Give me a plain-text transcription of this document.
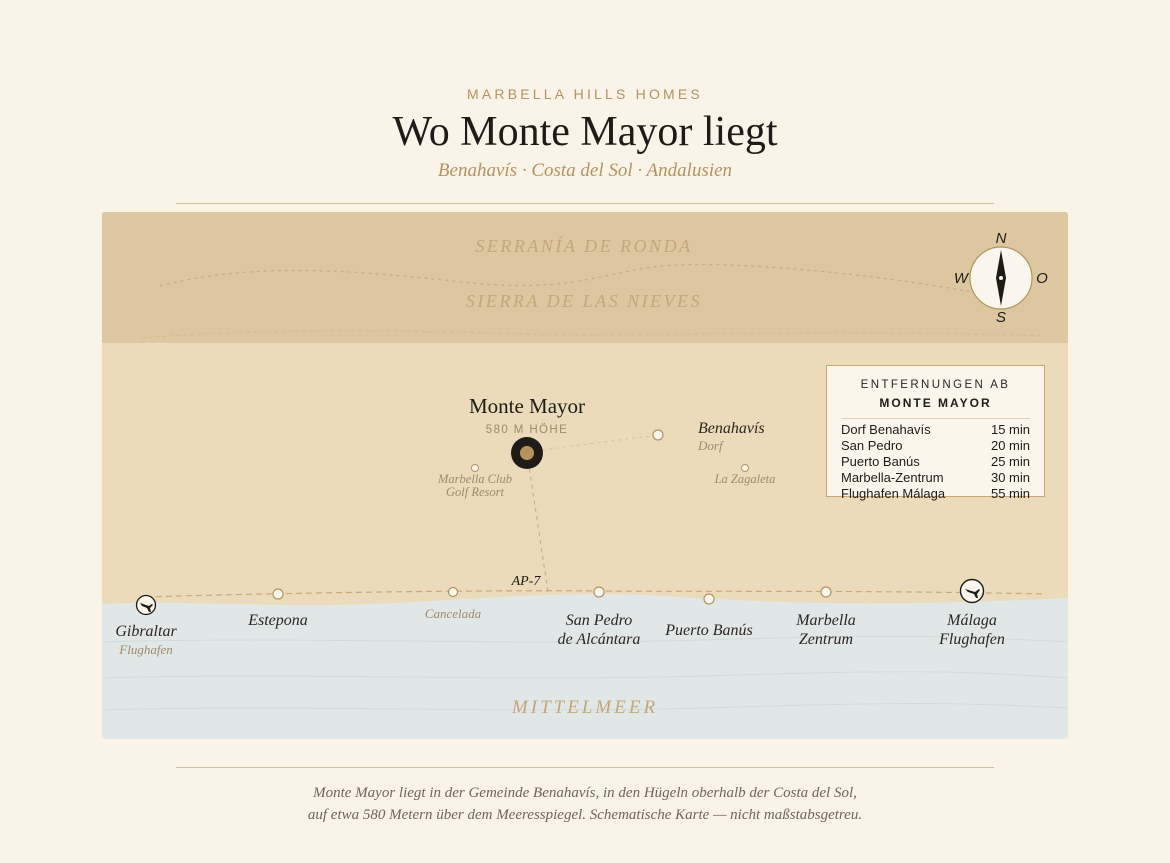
MARBELLA HILLS HOMES
Wo Monte Mayor liegt
Benahavís · Costa del Sol · Andalusien
SERRANÍA DE RONDA
SIERRA DE LAS NIEVES
MITTELMEER
AP-7
Monte Mayor
580 M HÖHE	Benahavís
Dorf
Marbella Club
Golf Resort
La Zagaleta
Gibraltar
Flughafen
Estepona	Cancelada	San Pedro
de Alcántara
Puerto Banús
Marbella
Zentrum
Málaga
Flughafen
N
S
W	O
ENTFERNUNGEN AB
MONTE MAYOR
Dorf Benahavís	15 min
San Pedro	20 min
Puerto Banús	25 min
Marbella-Zentrum	30 min
Flughafen Málaga	55 min
Monte Mayor liegt in der Gemeinde Benahavís, in den Hügeln oberhalb der Costa del Sol,
auf etwa 580 Metern über dem Meeresspiegel. Schematische Karte — nicht maßstabsgetreu.
